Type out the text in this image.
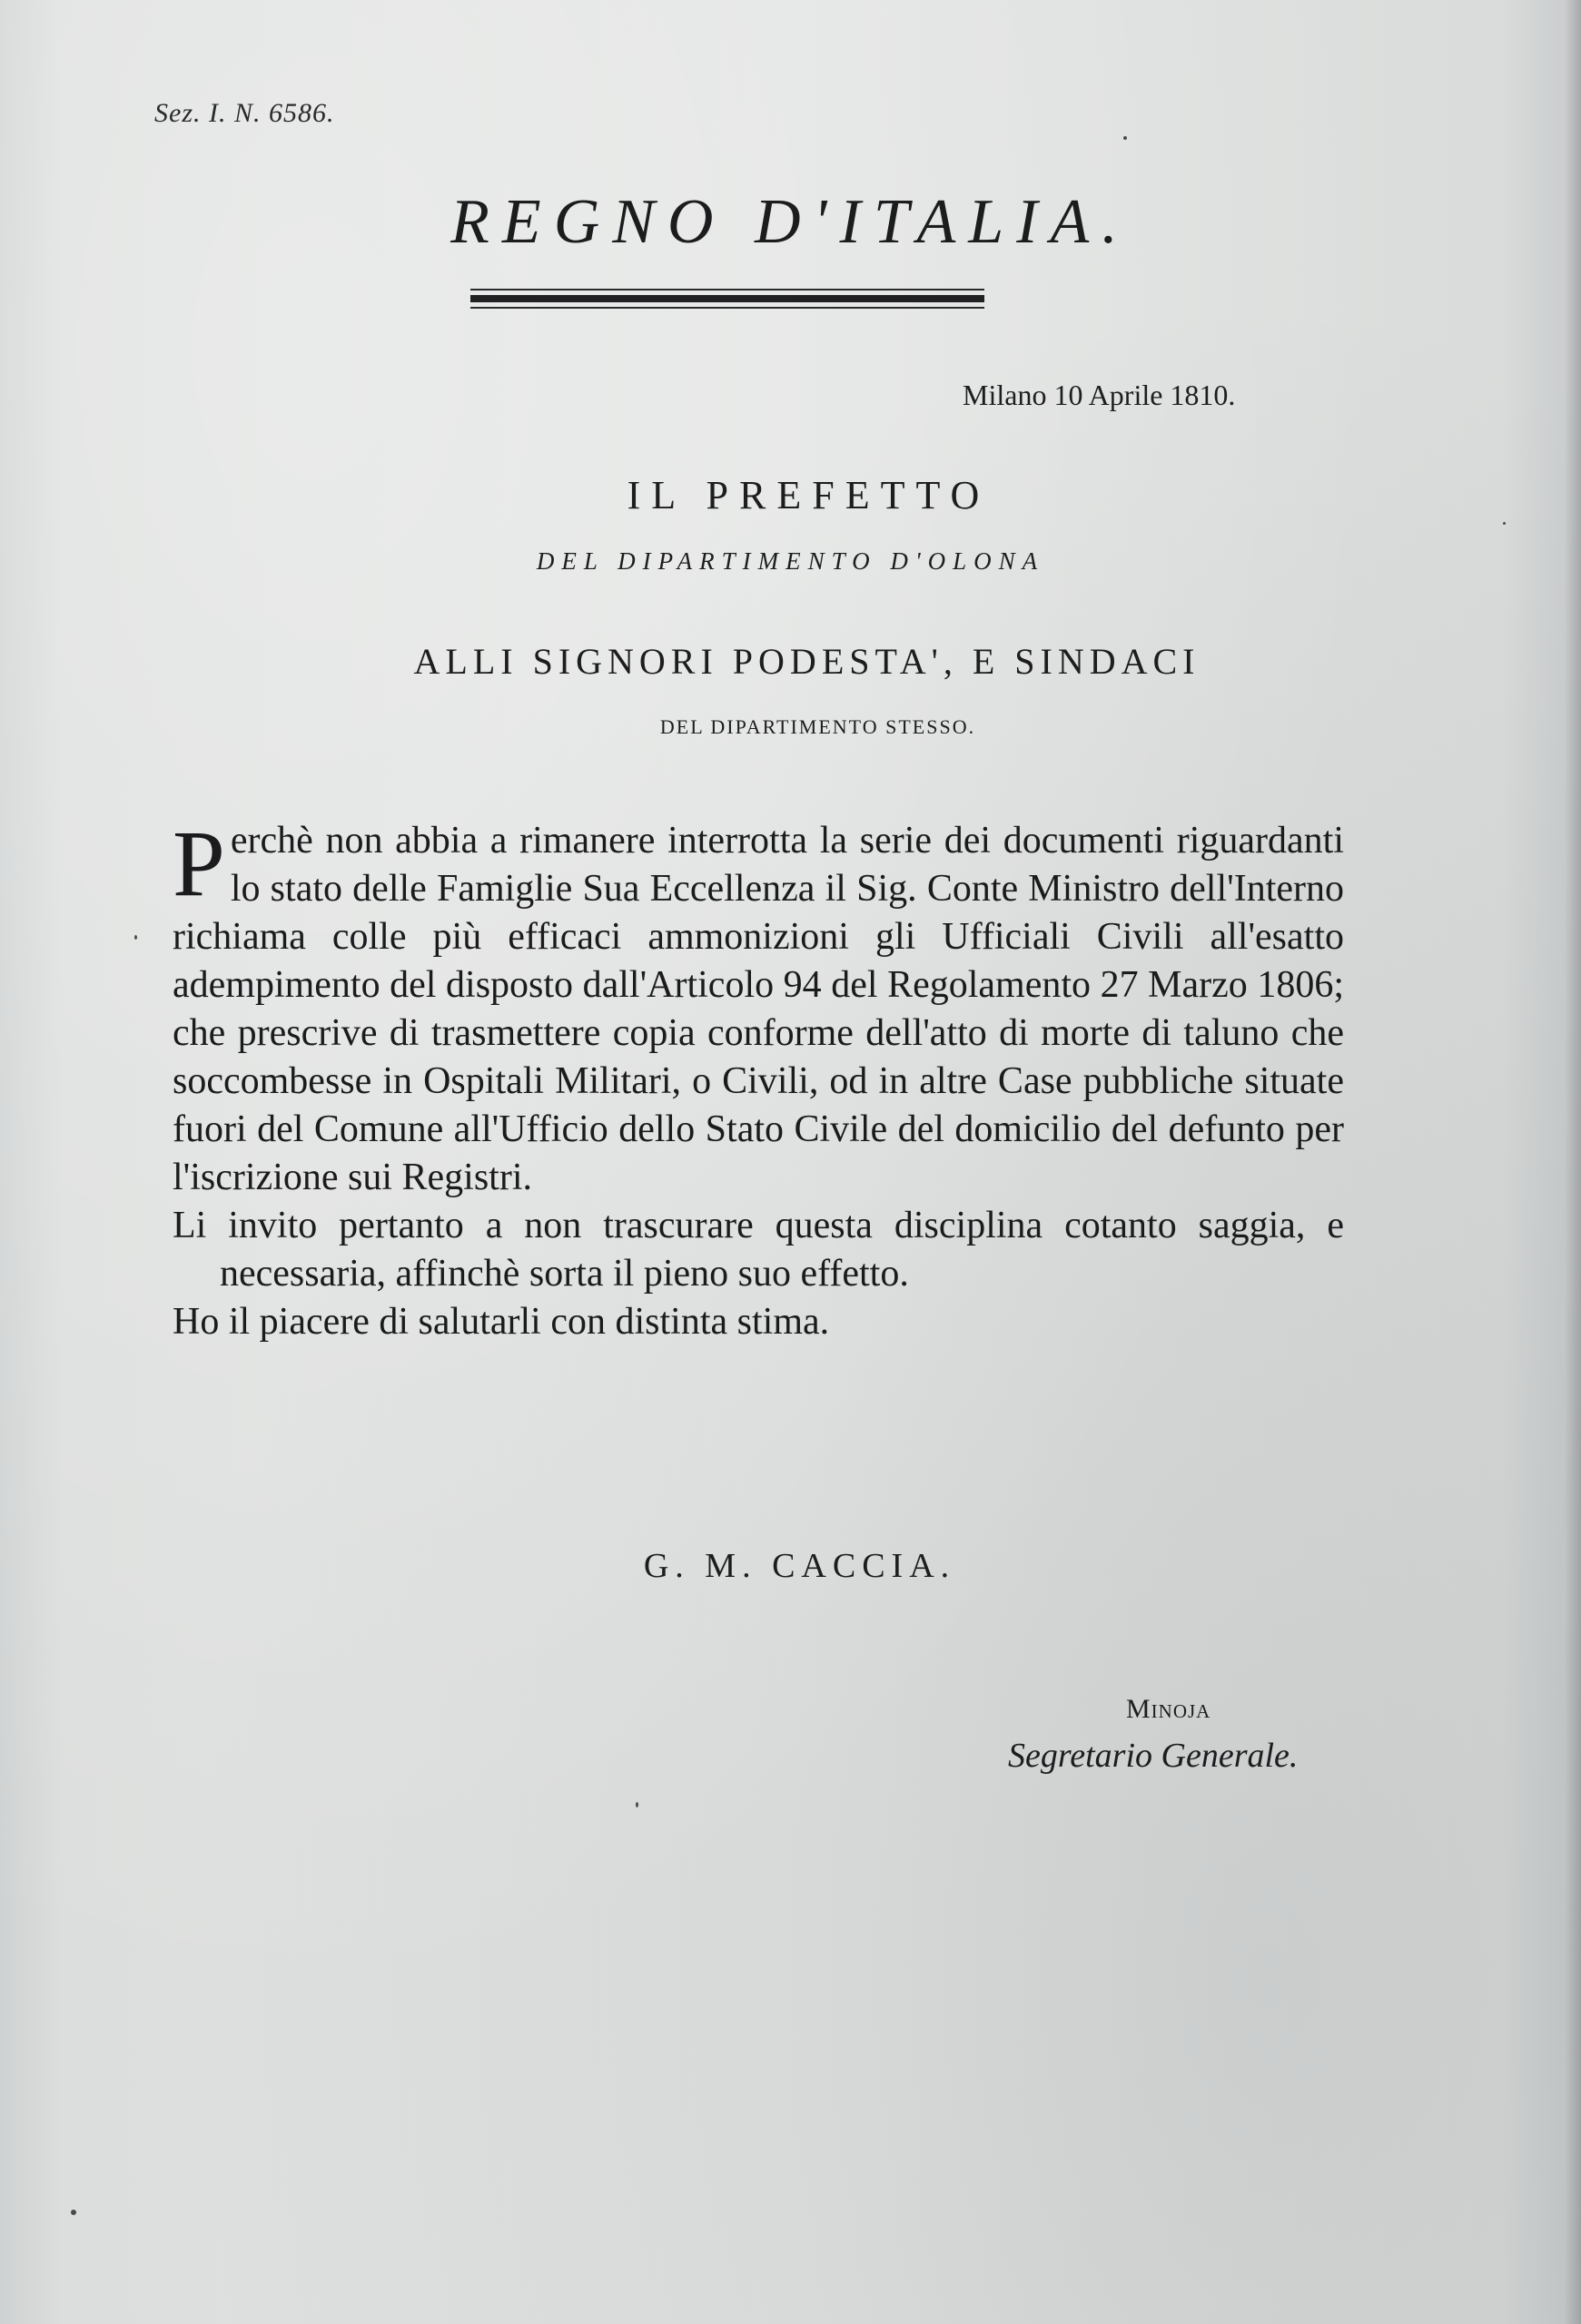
Sez. I. N. 6586.
REGNO D'ITALIA.
Milano 10 Aprile 1810.
IL PREFETTO
DEL DIPARTIMENTO D'OLONA
ALLI SIGNORI PODESTA', E SINDACI
DEL DIPARTIMENTO STESSO.

Perchè non abbia a rimanere interrotta la serie dei documenti riguardanti lo stato delle Famiglie Sua Eccellenza il Sig. Conte Ministro dell'Interno richiama colle più efficaci ammonizioni gli Ufficiali Civili all'esatto adempimento del disposto dall'Articolo 94 del Regolamento 27 Marzo 1806; che prescrive di trasmettere copia conforme dell'atto di morte di taluno che soccombesse in Ospitali Militari, o Civili, od in altre Case pubbliche situate fuori del Comune all'Ufficio dello Stato Civile del domicilio del defunto per l'iscrizione sui Registri.

Li invito pertanto a non trascurare questa disciplina cotanto saggia, e necessaria, affinchè sorta il pieno suo effetto.

Ho il piacere di salutarli con distinta stima.

G. M. CACCIA.
Minoja
Segretario Generale.
